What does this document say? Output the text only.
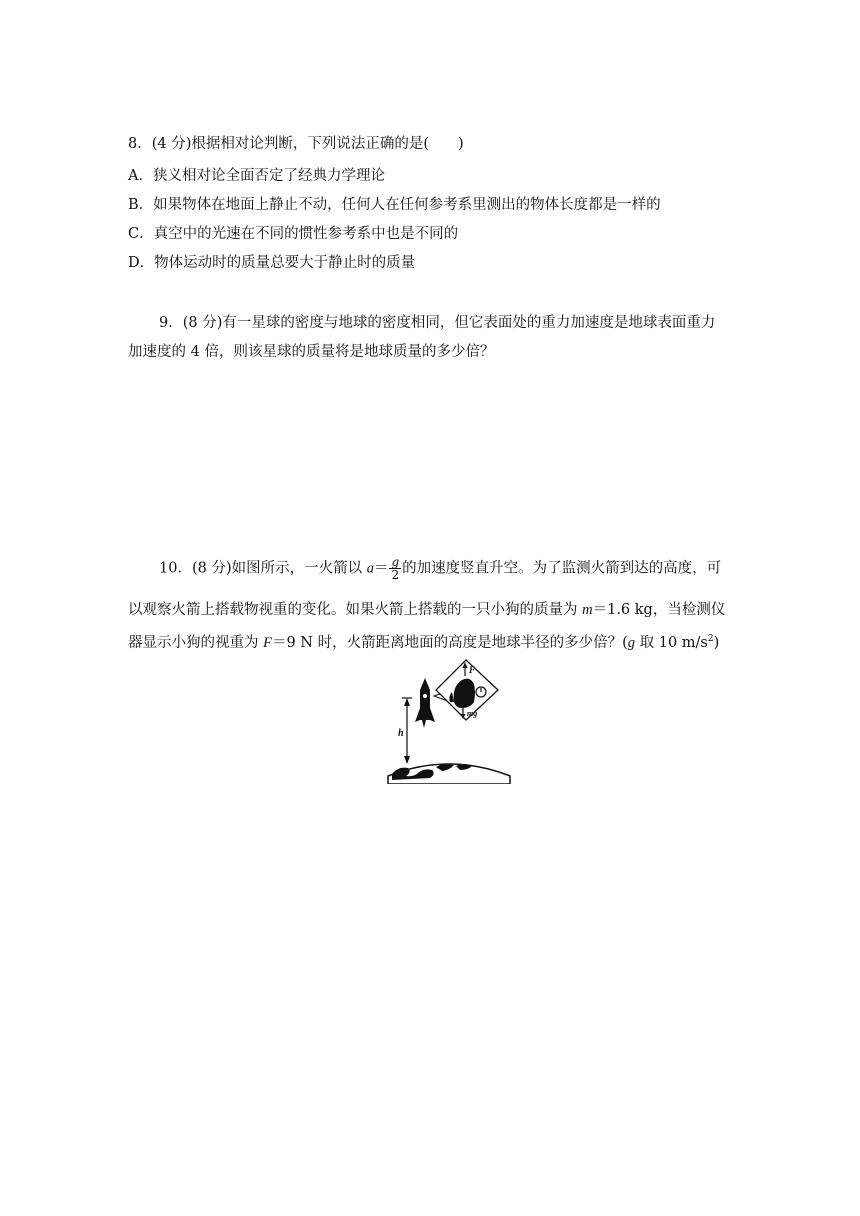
8．(4 分)根据相对论判断，下列说法正确的是(　　)
A．狭义相对论全面否定了经典力学理论
B．如果物体在地面上静止不动，任何人在任何参考系里测出的物体长度都是一样的
C．真空中的光速在不同的惯性参考系中也是不同的
D．物体运动时的质量总要大于静止时的质量
9．(8 分)有一星球的密度与地球的密度相同，但它表面处的重力加速度是地球表面重力
加速度的 4 倍，则该星球的质量将是地球质量的多少倍？
10．(8 分)如图所示，一火箭以 $a= \frac{g}{2}$ 的加速度竖直升空。为了监测火箭到达的高度，可
以观察火箭上搭载物视重的变化。如果火箭上搭载的一只小狗的质量为 m＝1.6 kg，当检测仪
器显示小狗的视重为 F＝9 N 时，火箭距离地面的高度是地球半径的多少倍？(g 取 10 $m/s^2$)
h
F
mg
